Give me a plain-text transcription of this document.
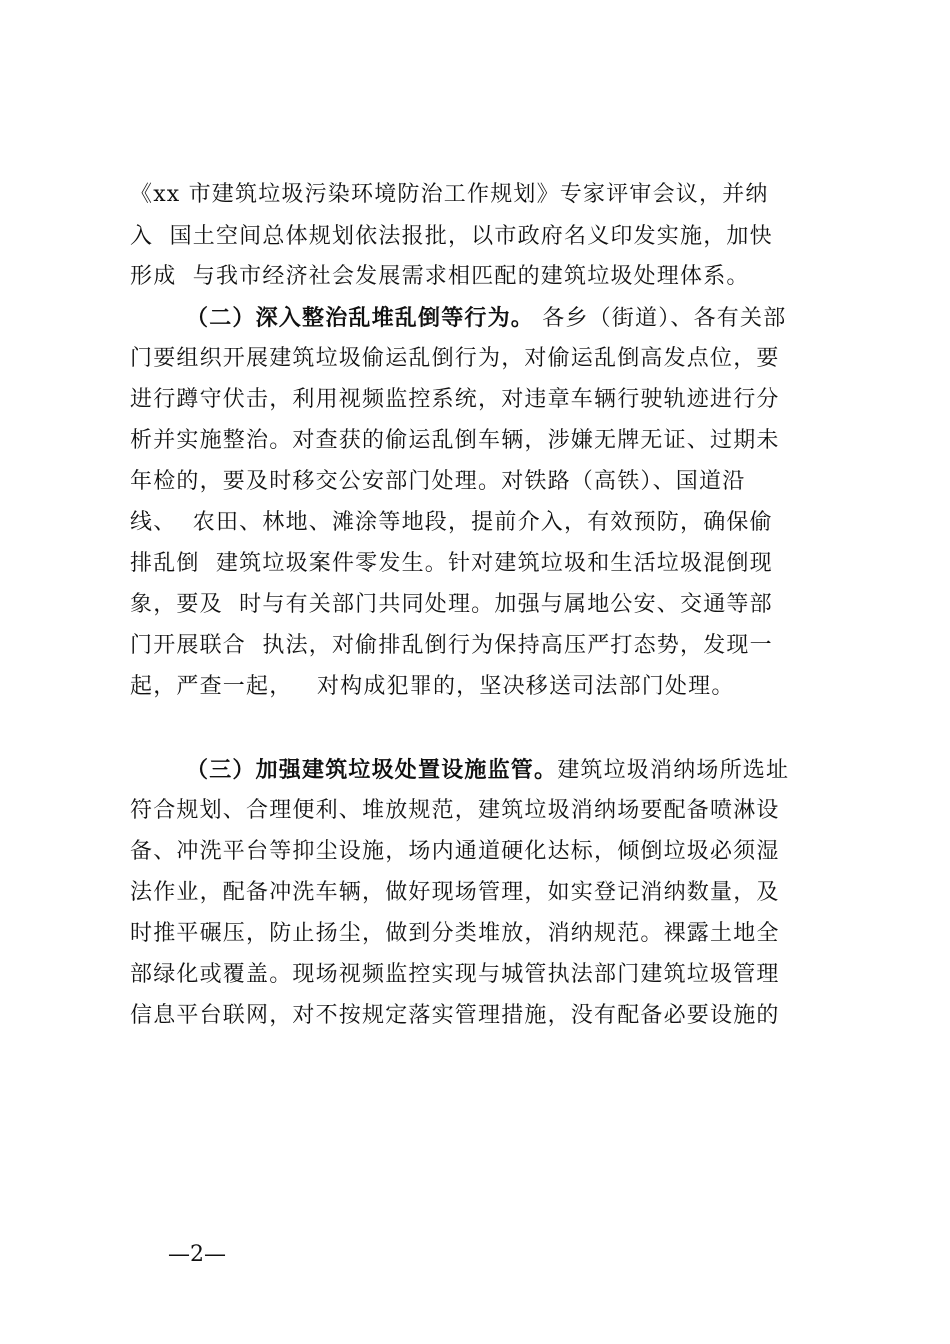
《xx 市建筑垃圾污染环境防治工作规划》专家评审会议，并纳
入  国土空间总体规划依法报批，以市政府名义印发实施，加快
形成  与我市经济社会发展需求相匹配的建筑垃圾处理体系。
（二）深入整治乱堆乱倒等行为。 各乡（街道）、各有关部
门要组织开展建筑垃圾偷运乱倒行为，对偷运乱倒高发点位，要
进行蹲守伏击，利用视频监控系统，对违章车辆行驶轨迹进行分
析并实施整治。对查获的偷运乱倒车辆，涉嫌无牌无证、过期未
年检的，要及时移交公安部门处理。对铁路（高铁）、国道沿
线、  农田、林地、滩涂等地段，提前介入，有效预防，确保偷
排乱倒  建筑垃圾案件零发生。针对建筑垃圾和生活垃圾混倒现
象，要及  时与有关部门共同处理。加强与属地公安、交通等部
门开展联合  执法，对偷排乱倒行为保持高压严打态势，发现一
起，严查一起，   对构成犯罪的，坚决移送司法部门处理。
（三）加强建筑垃圾处置设施监管。建筑垃圾消纳场所选址
符合规划、合理便利、堆放规范，建筑垃圾消纳场要配备喷淋设
备、冲洗平台等抑尘设施，场内通道硬化达标，倾倒垃圾必须湿
法作业，配备冲洗车辆，做好现场管理，如实登记消纳数量，及
时推平碾压，防止扬尘，做到分类堆放，消纳规范。裸露土地全
部绿化或覆盖。现场视频监控实现与城管执法部门建筑垃圾管理
信息平台联网，对不按规定落实管理措施，没有配备必要设施的
—2—
